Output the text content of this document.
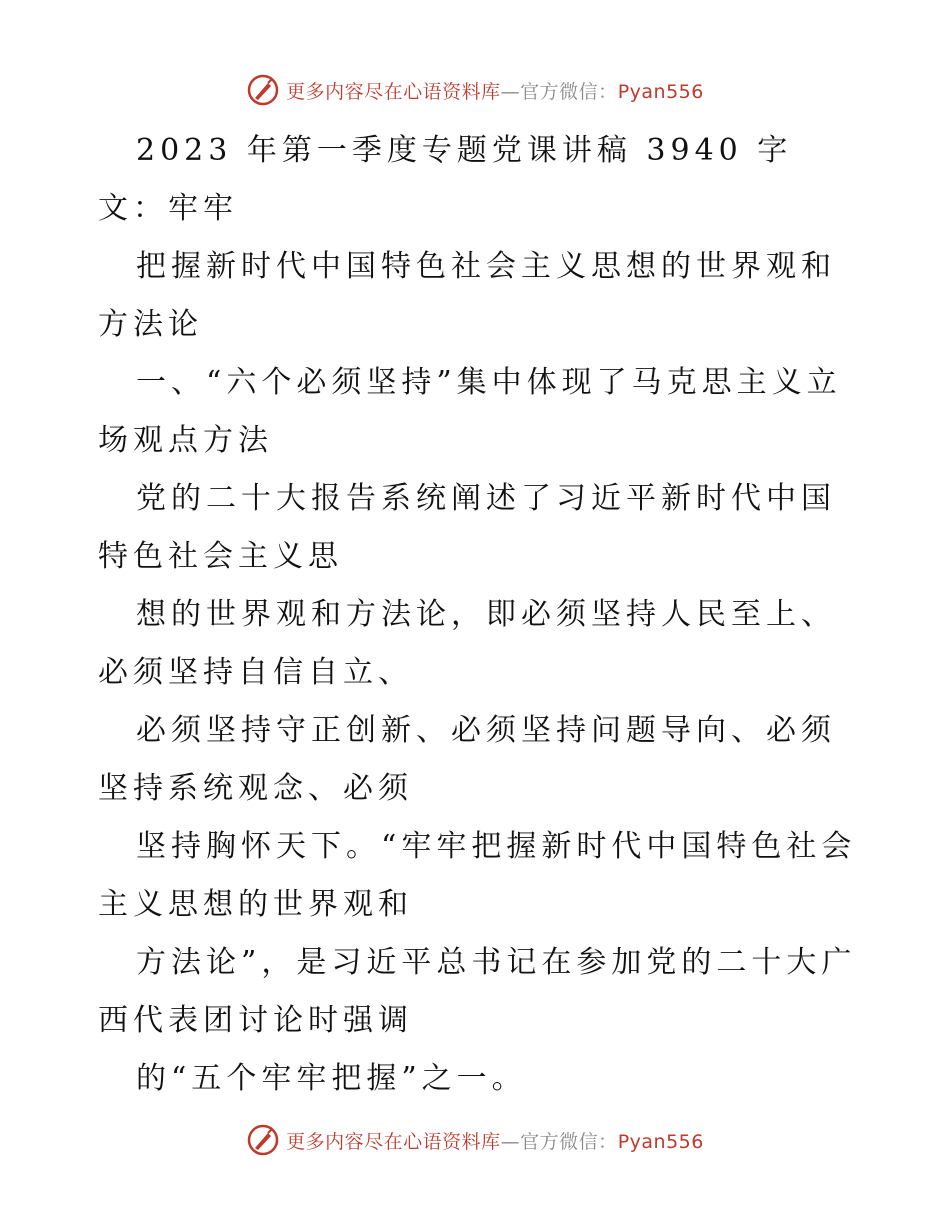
更多内容尽在心语资料库—官方微信：Pyan556

2023 年第一季度专题党课讲稿 3940 字文：牢牢

把握新时代中国特色社会主义思想的世界观和方法论

一、“六个必须坚持”集中体现了马克思主义立场观点方法

党的二十大报告系统阐述了习近平新时代中国特色社会主义思

想的世界观和方法论，即必须坚持人民至上、必须坚持自信自立、

必须坚持守正创新、必须坚持问题导向、必须坚持系统观念、必须

坚持胸怀天下。“牢牢把握新时代中国特色社会主义思想的世界观和

方法论”，是习近平总书记在参加党的二十大广西代表团讨论时强调

的“五个牢牢把握”之一。

更多内容尽在心语资料库—官方微信：Pyan556
